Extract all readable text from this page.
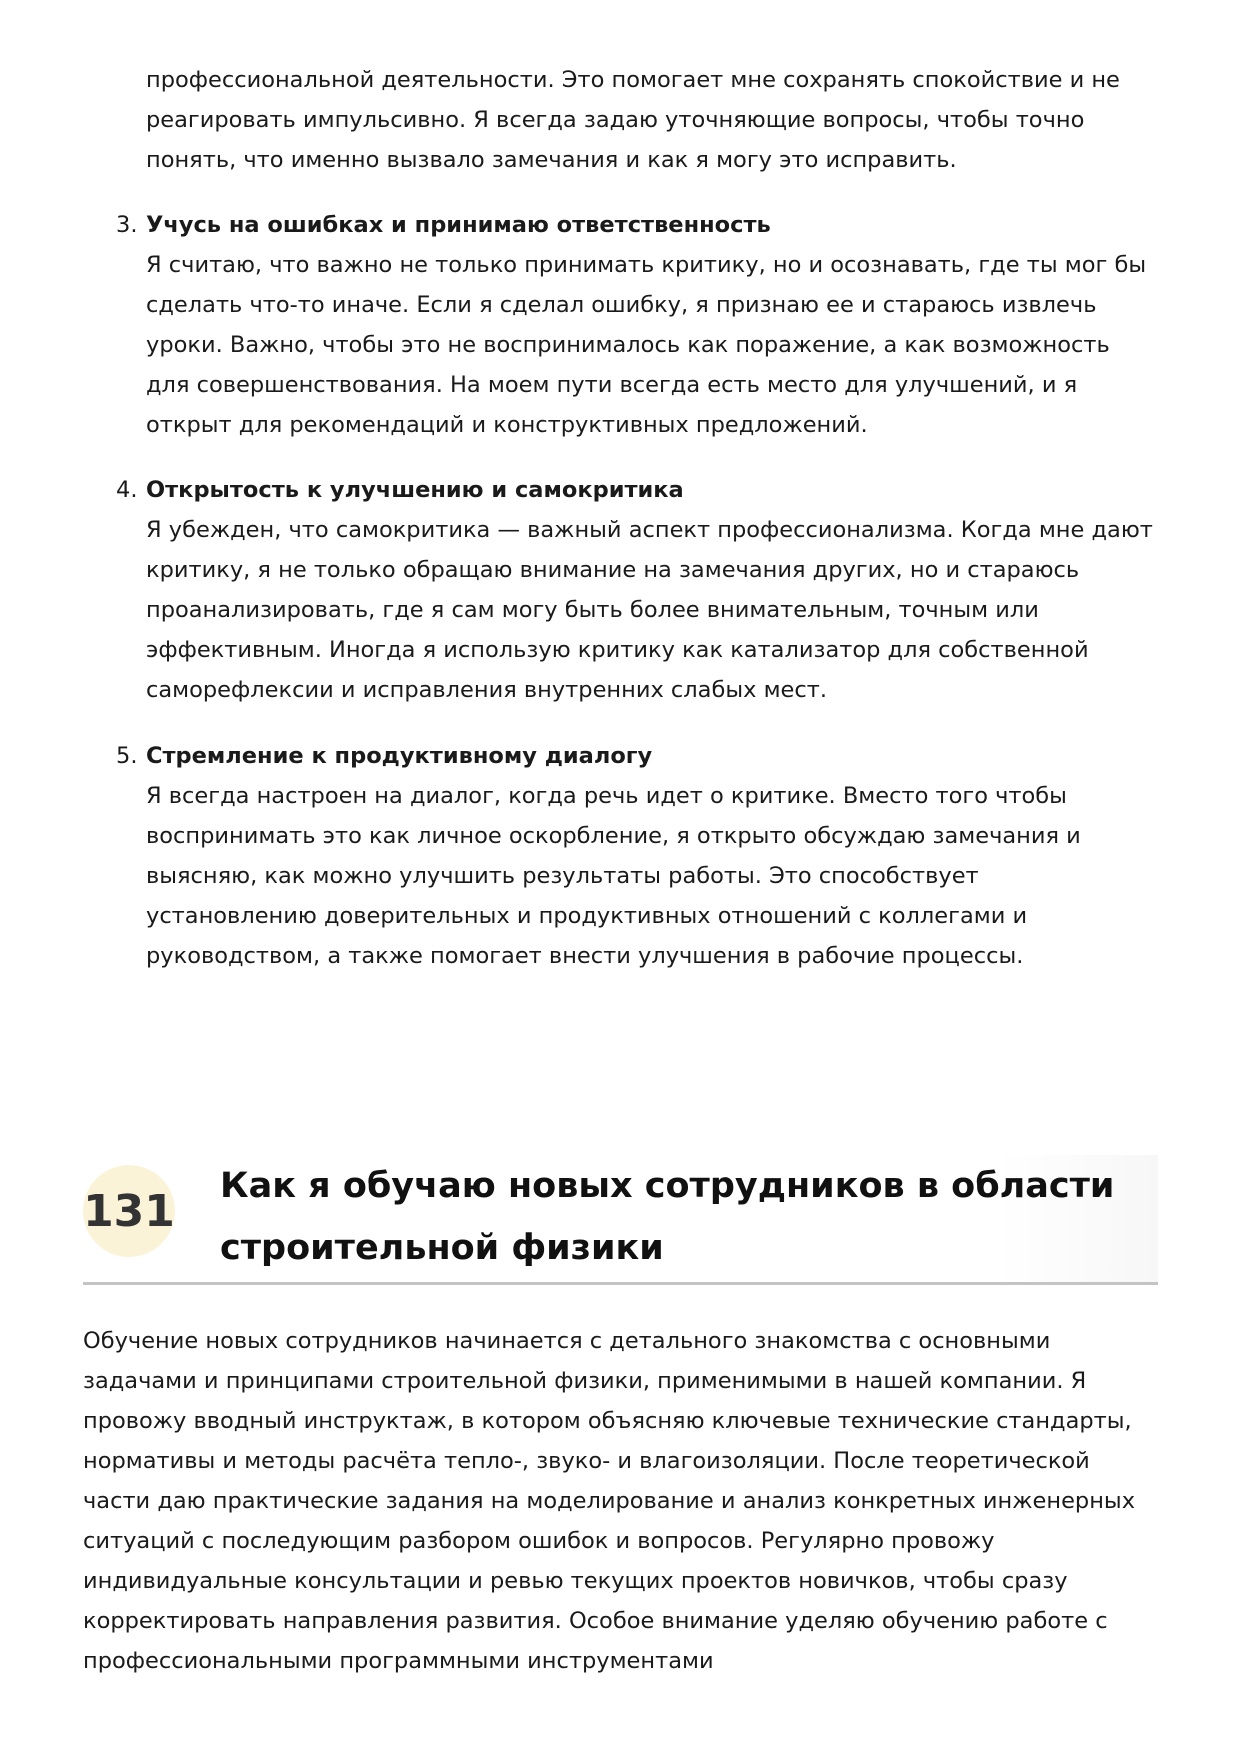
профессиональной деятельности. Это помогает мне сохранять спокойствие и не реагировать импульсивно. Я всегда задаю уточняющие вопросы, чтобы точно понять, что именно вызвало замечания и как я могу это исправить.

3. Учусь на ошибках и принимаю ответственность

Я считаю, что важно не только принимать критику, но и осознавать, где ты мог бы сделать что-то иначе. Если я сделал ошибку, я признаю ее и стараюсь извлечь уроки. Важно, чтобы это не воспринималось как поражение, а как возможность для совершенствования. На моем пути всегда есть место для улучшений, и я открыт для рекомендаций и конструктивных предложений.

4. Открытость к улучшению и самокритика

Я убежден, что самокритика — важный аспект профессионализма. Когда мне дают критику, я не только обращаю внимание на замечания других, но и стараюсь проанализировать, где я сам могу быть более внимательным, точным или эффективным. Иногда я использую критику как катализатор для собственной саморефлексии и исправления внутренних слабых мест.

5. Стремление к продуктивному диалогу

Я всегда настроен на диалог, когда речь идет о критике. Вместо того чтобы воспринимать это как личное оскорбление, я открыто обсуждаю замечания и выясняю, как можно улучшить результаты работы. Это способствует установлению доверительных и продуктивных отношений с коллегами и руководством, а также помогает внести улучшения в рабочие процессы.

131 Как я обучаю новых сотрудников в области строительной физики

Обучение новых сотрудников начинается с детального знакомства с основными задачами и принципами строительной физики, применимыми в нашей компании. Я провожу вводный инструктаж, в котором объясняю ключевые технические стандарты, нормативы и методы расчёта тепло-, звуко- и влагоизоляции. После теоретической части даю практические задания на моделирование и анализ конкретных инженерных ситуаций с последующим разбором ошибок и вопросов. Регулярно провожу индивидуальные консультации и ревью текущих проектов новичков, чтобы сразу корректировать направления развития. Особое внимание уделяю обучению работе с профессиональными программными инструментами
